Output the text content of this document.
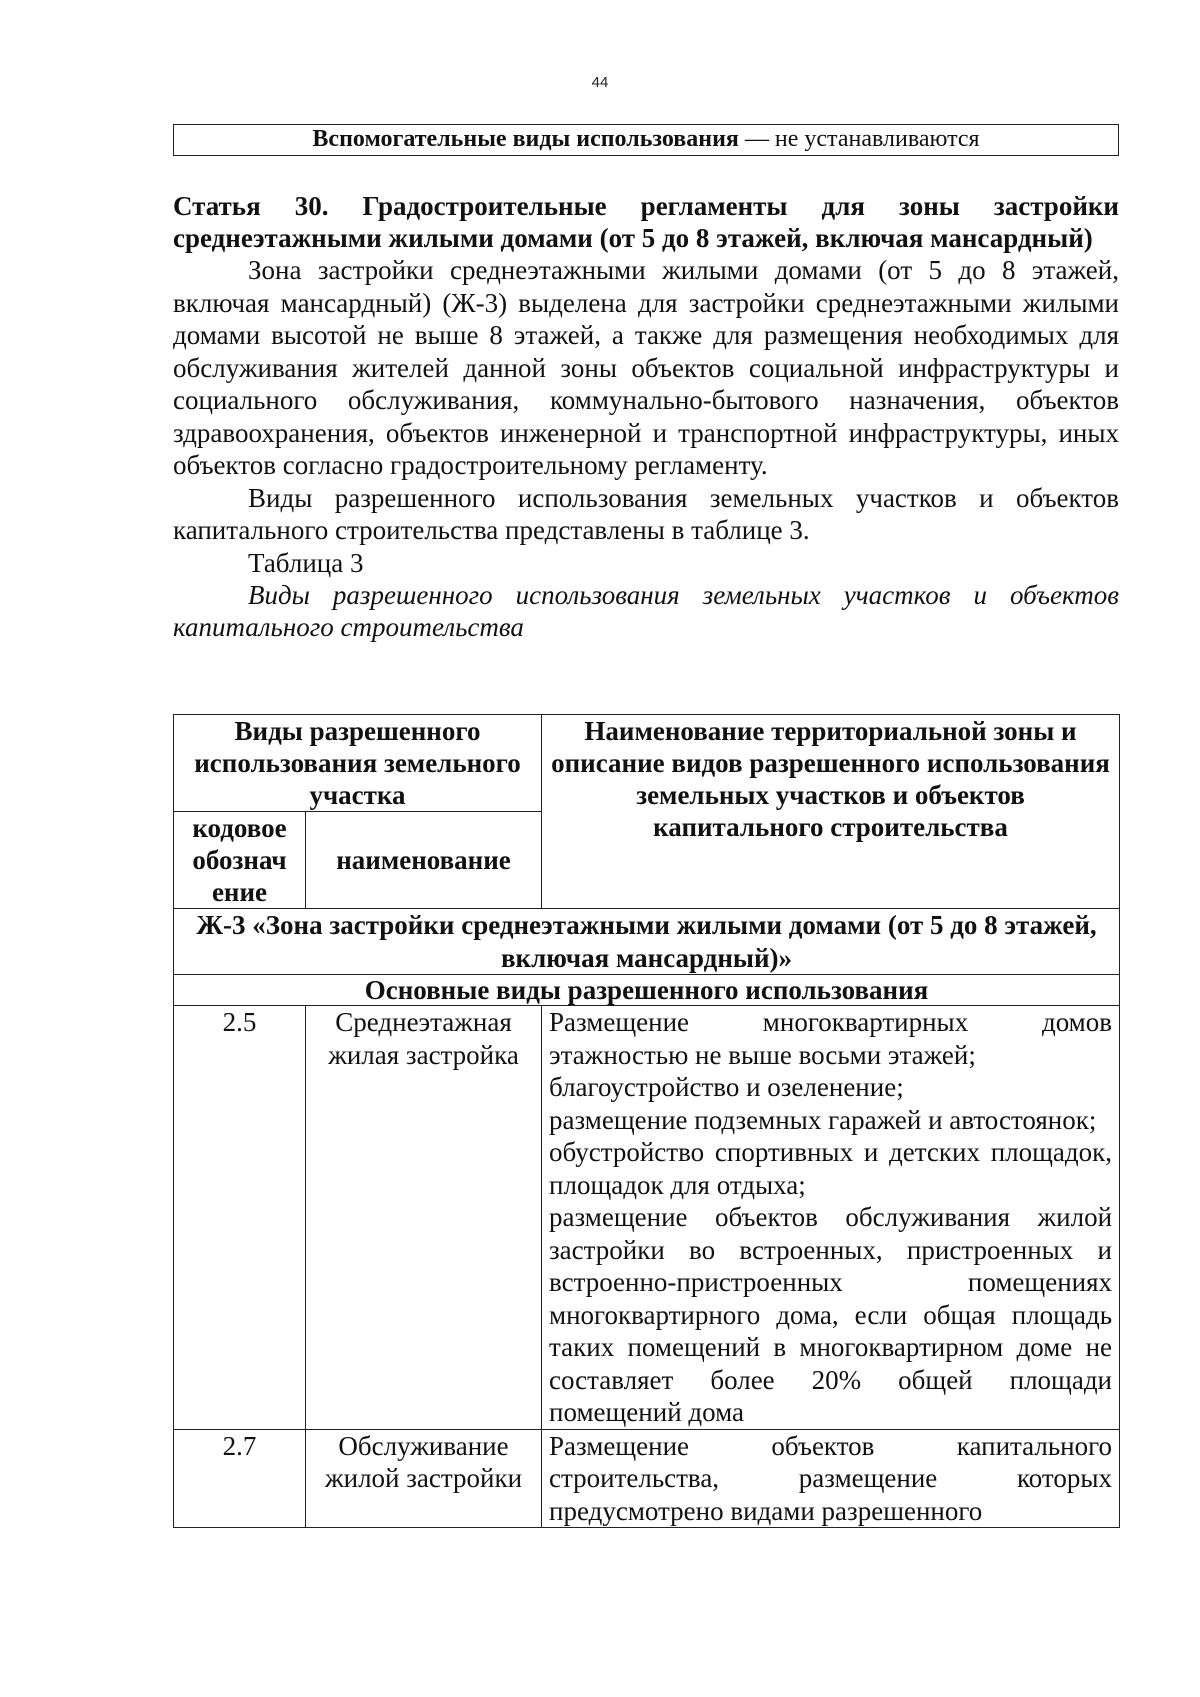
44
Вспомогательные виды использования — не устанавливаются
Статья 30. Градостроительные регламенты для зоны застройки среднеэтажными жилыми домами (от 5 до 8 этажей, включая мансардный)

Зона застройки среднеэтажными жилыми домами (от 5 до 8 этажей, включая мансардный) (Ж-3) выделена для застройки среднеэтажными жилыми домами высотой не выше 8 этажей, а также для размещения необходимых для обслуживания жителей данной зоны объектов социальной инфраструктуры и социального обслуживания, коммунально-бытового назначения, объектов здравоохранения, объектов инженерной и транспортной инфраструктуры, иных объектов согласно градостроительному регламенту.

Виды разрешенного использования земельных участков и объектов капитального строительства представлены в таблице 3.

Таблица 3

Виды разрешенного использования земельных участков и объектов капитального строительства

Виды разрешенного использования земельного участка		Наименование территориальной зоны и описание видов разрешенного использования земельных участков и объектов капитального строительства
кодовое обознач ение	наименование	
Ж-3 «Зона застройки среднеэтажными жилыми домами (от 5 до 8 этажей, включая мансардный)»		
Основные виды разрешенного использования		
2.5	Среднеэтажная жилая застройка	Размещение многоквартирных домов этажностью не выше восьми этажей;
благоустройство и озеленение;
размещение подземных гаражей и автостоянок;
обустройство спортивных и детских площадок, площадок для отдыха;
размещение объектов обслуживания жилой застройки во встроенных, пристроенных и встроенно-пристроенных помещениях многоквартирного дома, если общая площадь таких помещений в многоквартирном доме не составляет более 20% общей площади помещений дома

2.7	Обслуживание жилой застройки	Размещение объектов капитального строительства, размещение которых предусмотрено видами разрешенного
